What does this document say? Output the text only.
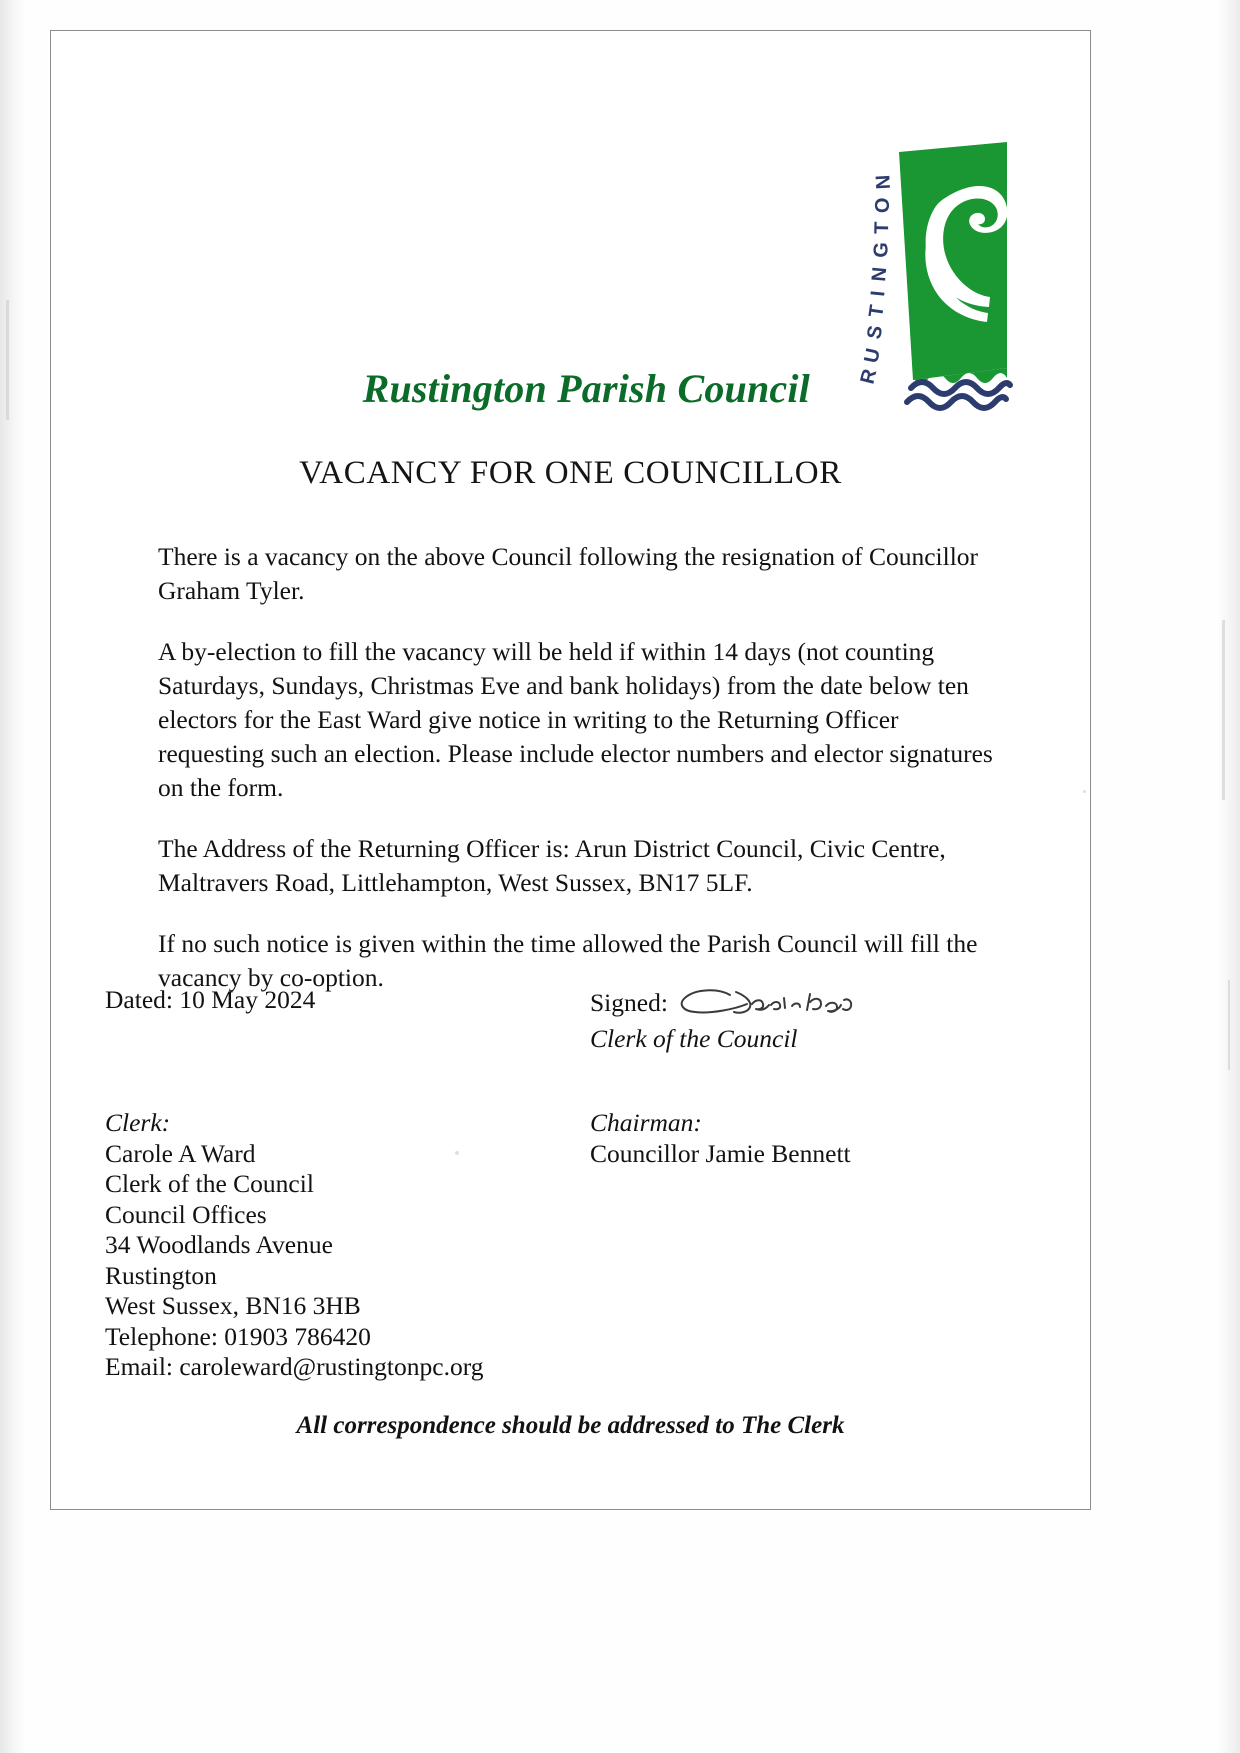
R
U
S
T
I
N
G
T
O
N
Rustington Parish Council
VACANCY FOR ONE COUNCILLOR

There is a vacancy on the above Council following the resignation of Councillor Graham Tyler.

A by-election to fill the vacancy will be held if within 14 days (not counting Saturdays, Sundays, Christmas Eve and bank holidays) from the date below ten electors for the East Ward give notice in writing to the Returning Officer requesting such an election. Please include elector numbers and elector signatures on the form.

The Address of the Returning Officer is: Arun District Council, Civic Centre, Maltravers Road, Littlehampton, West Sussex, BN17 5LF.

If no such notice is given within the time allowed the Parish Council will fill the vacancy by co-option.

Dated: 10 May 2024	Signed:
Clerk of the Council
Clerk:
Carole A Ward
Clerk of the Council
Council Offices
34 Woodlands Avenue
Rustington
West Sussex, BN16 3HB
Telephone: 01903 786420
Email: caroleward@rustingtonpc.org
Chairman:
Councillor Jamie Bennett
All correspondence should be addressed to The Clerk
